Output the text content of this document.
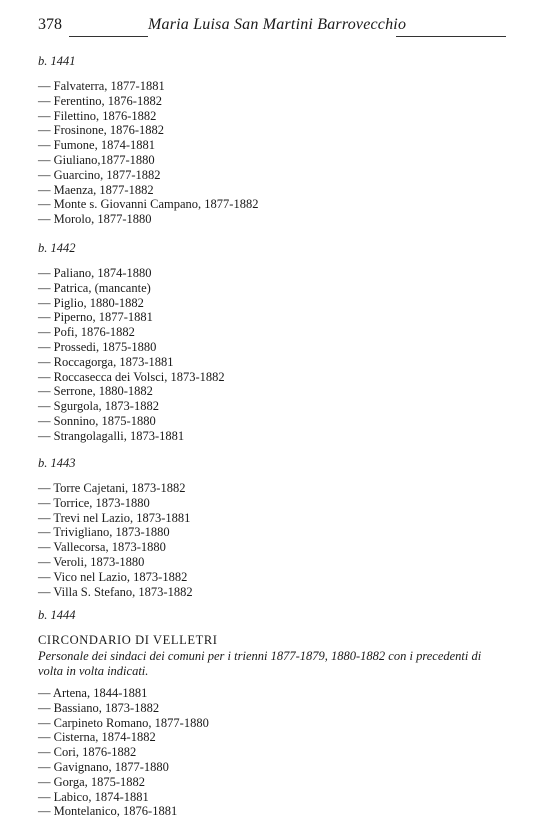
378	Maria Luisa San Martini Barrovecchio
b. 1441
— Falvaterra, 1877-1881
— Ferentino, 1876-1882
— Filettino, 1876-1882
— Frosinone, 1876-1882
— Fumone, 1874-1881
— Giuliano,1877-1880
— Guarcino, 1877-1882
— Maenza, 1877-1882
— Monte s. Giovanni Campano, 1877-1882
— Morolo, 1877-1880
b. 1442
— Paliano, 1874-1880
— Patrica, (mancante)
— Piglio, 1880-1882
— Piperno, 1877-1881
— Pofi, 1876-1882
— Prossedi, 1875-1880
— Roccagorga, 1873-1881
— Roccasecca dei Volsci, 1873-1882
— Serrone, 1880-1882
— Sgurgola, 1873-1882
— Sonnino, 1875-1880
— Strangolagalli, 1873-1881
b. 1443
— Torre Cajetani, 1873-1882
— Torrice, 1873-1880
— Trevi nel Lazio, 1873-1881
— Trivigliano, 1873-1880
— Vallecorsa, 1873-1880
— Veroli, 1873-1880
— Vico nel Lazio, 1873-1882
— Villa S. Stefano, 1873-1882
b. 1444
CIRCONDARIO DI VELLETRI
Personale dei sindaci dei comuni per i trienni 1877-1879, 1880-1882 con i precedenti di volta in volta indicati.
— Artena, 1844-1881
— Bassiano, 1873-1882
— Carpineto Romano, 1877-1880
— Cisterna, 1874-1882
— Cori, 1876-1882
— Gavignano, 1877-1880
— Gorga, 1875-1882
— Labico, 1874-1881
— Montelanico, 1876-1881
